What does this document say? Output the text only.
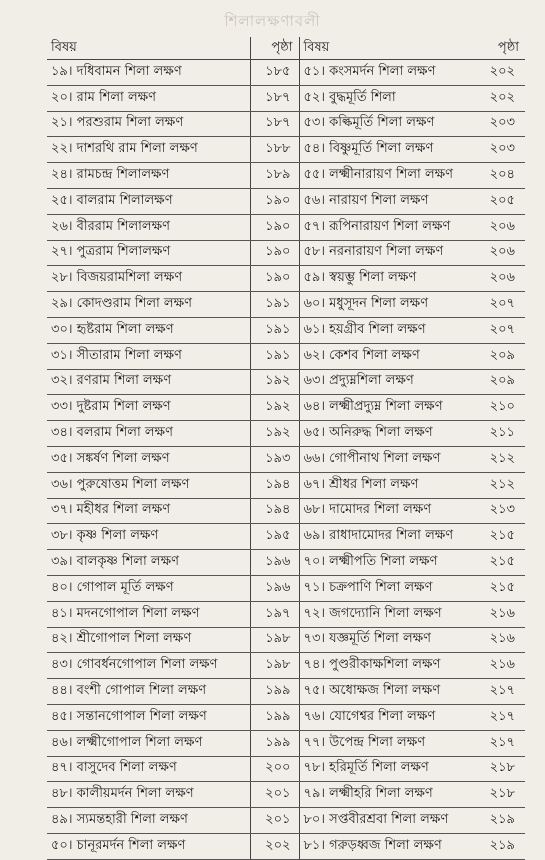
শিলালক্ষণাবলী
বিষয়	পৃষ্ঠা	বিষয়	পৃষ্ঠা
১৯। দধিবামন শিলা লক্ষণ	১৮৫	৫১। কংসমর্দন শিলা লক্ষণ	২০২
২০। রাম শিলা লক্ষণ	১৮৭	৫২। বুদ্ধমূর্তি শিলা	২০২
২১। পরশুরাম শিলা লক্ষণ	১৮৭	৫৩। কল্কিমূর্তি শিলা লক্ষণ	২০৩
২২। দাশরথি রাম শিলা লক্ষণ	১৮৮	৫৪। বিষ্ণুমূর্তি শিলা লক্ষণ	২০৩
২৪। রামচন্দ্র শিলালক্ষণ	১৮৯	৫৫। লক্ষ্মীনারায়ণ শিলা লক্ষণ	২০৪
২৫। বালরাম শিলালক্ষণ	১৯০	৫৬। নারায়ণ শিলা লক্ষণ	২০৫
২৬। বীররাম শিলালক্ষণ	১৯০	৫৭। রূপিনারায়ণ শিলা লক্ষণ	২০৬
২৭। পুত্ররাম শিলালক্ষণ	১৯০	৫৮। নরনারায়ণ শিলা লক্ষণ	২০৬
২৮। বিজয়রামশিলা লক্ষণ	১৯০	৫৯। স্বয়ম্ভু শিলা লক্ষণ	২০৬
২৯। কোদণ্ডরাম শিলা লক্ষণ	১৯১	৬০। মধুসূদন শিলা লক্ষণ	২০৭
৩০। হৃষ্টরাম শিলা লক্ষণ	১৯১	৬১। হয়গ্রীব শিলা লক্ষণ	২০৭
৩১। সীতারাম শিলা লক্ষণ	১৯১	৬২। কেশব শিলা লক্ষণ	২০৯
৩২। রণরাম শিলা লক্ষণ	১৯২	৬৩। প্রদ্যুম্নশিলা লক্ষণ	২০৯
৩৩। দুষ্টরাম শিলা লক্ষণ	১৯২	৬৪। লক্ষ্মীপ্রদ্যুম্ন শিলা লক্ষণ	২১০
৩৪। বলরাম শিলা লক্ষণ	১৯২	৬৫। অনিরুদ্ধ শিলা লক্ষণ	২১১
৩৫। সঙ্কর্ষণ শিলা লক্ষণ	১৯৩	৬৬। গোপীনাথ শিলা লক্ষণ	২১২
৩৬। পুরুষোত্তম শিলা লক্ষণ	১৯৪	৬৭। শ্রীধর শিলা লক্ষণ	২১২
৩৭। মহীধর শিলা লক্ষণ	১৯৪	৬৮। দামোদর শিলা লক্ষণ	২১৩
৩৮। কৃষ্ণ শিলা লক্ষণ	১৯৫	৬৯। রাধাদামোদর শিলা লক্ষণ	২১৫
৩৯। বালকৃষ্ণ শিলা লক্ষণ	১৯৬	৭০। লক্ষ্মীপতি শিলা লক্ষণ	২১৫
৪০। গোপাল মূর্তি লক্ষণ	১৯৬	৭১। চক্রপাণি শিলা লক্ষণ	২১৫
৪১। মদনগোপাল শিলা লক্ষণ	১৯৭	৭২। জগদ্যোনি শিলা লক্ষণ	২১৬
৪২। শ্রীগোপাল শিলা লক্ষণ	১৯৮	৭৩। যজ্ঞমূর্তি শিলা লক্ষণ	২১৬
৪৩। গোবর্ধনগোপাল শিলা লক্ষণ	১৯৮	৭৪। পুণ্ডরীকাক্ষশিলা লক্ষণ	২১৬
৪৪। বংশী গোপাল শিলা লক্ষণ	১৯৯	৭৫। অধোক্ষজ শিলা লক্ষণ	২১৭
৪৫। সন্তানগোপাল শিলা লক্ষণ	১৯৯	৭৬। যোগেশ্বর শিলা লক্ষণ	২১৭
৪৬। লক্ষ্মীগোপাল শিলা লক্ষণ	১৯৯	৭৭। উপেন্দ্র শিলা লক্ষণ	২১৭
৪৭। বাসুদেব শিলা লক্ষণ	২০০	৭৮। হরিমূর্তি শিলা লক্ষণ	২১৮
৪৮। কালীয়মর্দন শিলা লক্ষণ	২০১	৭৯। লক্ষ্মীহরি শিলা লক্ষণ	২১৮
৪৯। স্যমন্তহারী শিলা লক্ষণ	২০১	৮০। সপ্তবীরশ্রবা শিলা লক্ষণ	২১৯
৫০। চানূরমর্দন শিলা লক্ষণ	২০২	৮১। গরুড়ধ্বজ শিলা লক্ষণ	২১৯
